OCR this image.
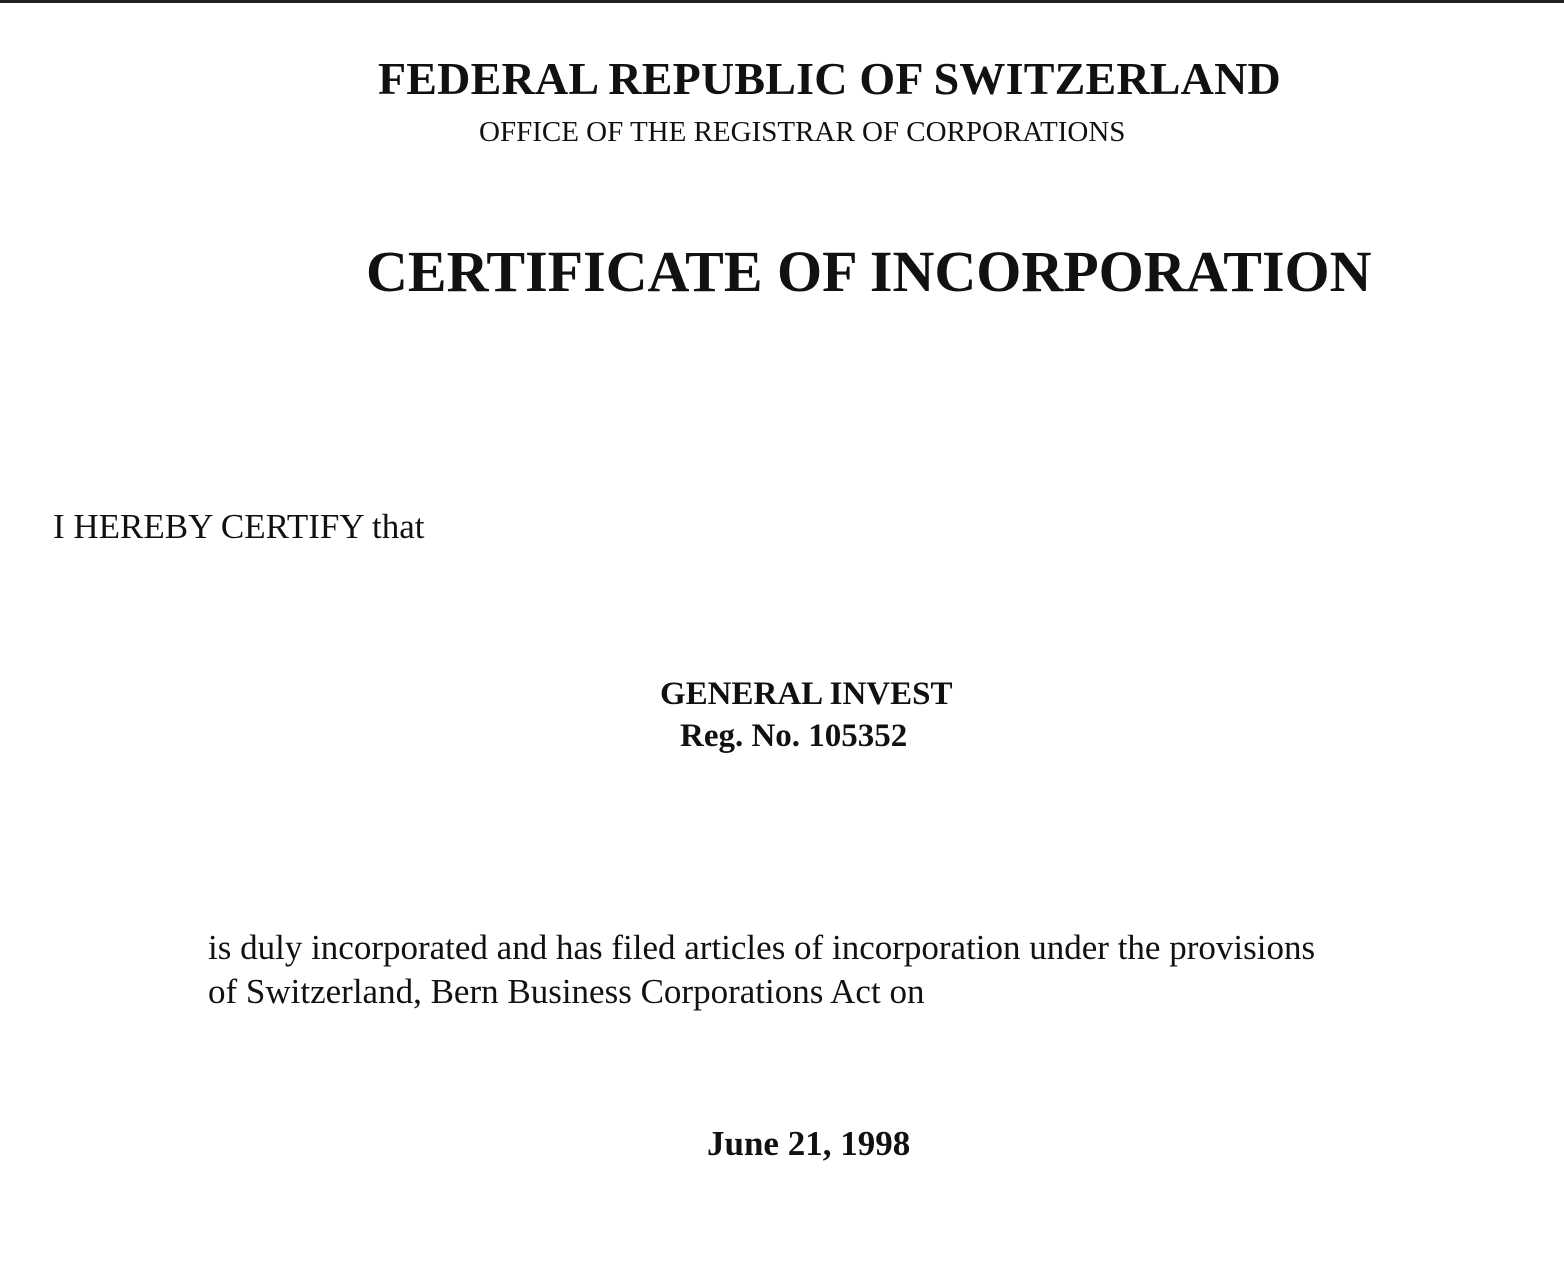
FEDERAL REPUBLIC OF SWITZERLAND
OFFICE OF THE REGISTRAR OF CORPORATIONS
CERTIFICATE OF INCORPORATION
I HEREBY CERTIFY that
GENERAL INVEST
Reg. No. 105352
is duly incorporated and has filed articles of incorporation under the provisions
of Switzerland, Bern Business Corporations Act on
June 21, 1998
